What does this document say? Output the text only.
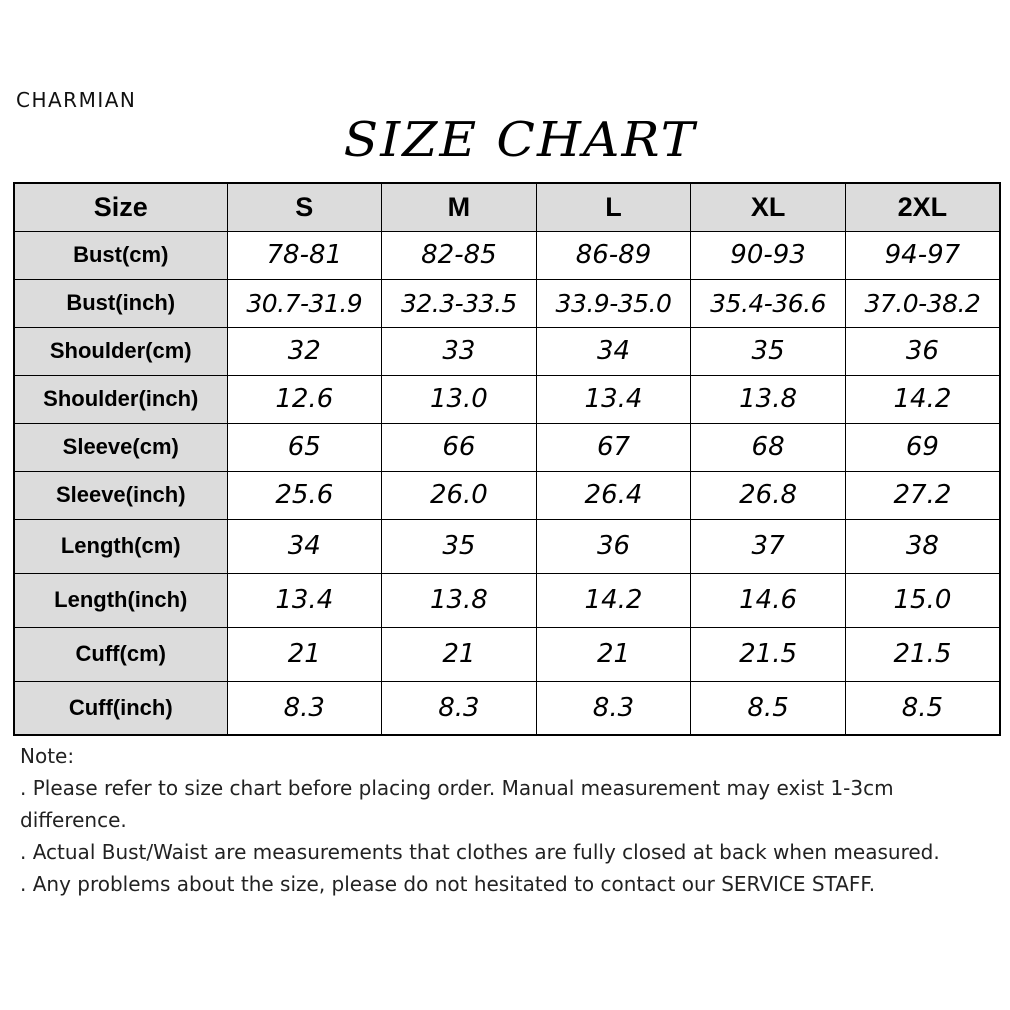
CHARMIAN
SIZE CHART
Size	S	M	L	XL	2XL
Bust(cm)	78-81	82-85	86-89	90-93	94-97
Bust(inch)	30.7-31.9	32.3-33.5	33.9-35.0	35.4-36.6	37.0-38.2
Shoulder(cm)	32	33	34	35	36
Shoulder(inch)	12.6	13.0	13.4	13.8	14.2
Sleeve(cm)	65	66	67	68	69
Sleeve(inch)	25.6	26.0	26.4	26.8	27.2
Length(cm)	34	35	36	37	38
Length(inch)	13.4	13.8	14.2	14.6	15.0
Cuff(cm)	21	21	21	21.5	21.5
Cuff(inch)	8.3	8.3	8.3	8.5	8.5

Note:

. Please refer to size chart before placing order. Manual measurement may exist 1-3cm difference.

. Actual Bust/Waist are measurements that clothes are fully closed at back when measured.

. Any problems about the size, please do not hesitated to contact our SERVICE STAFF.
